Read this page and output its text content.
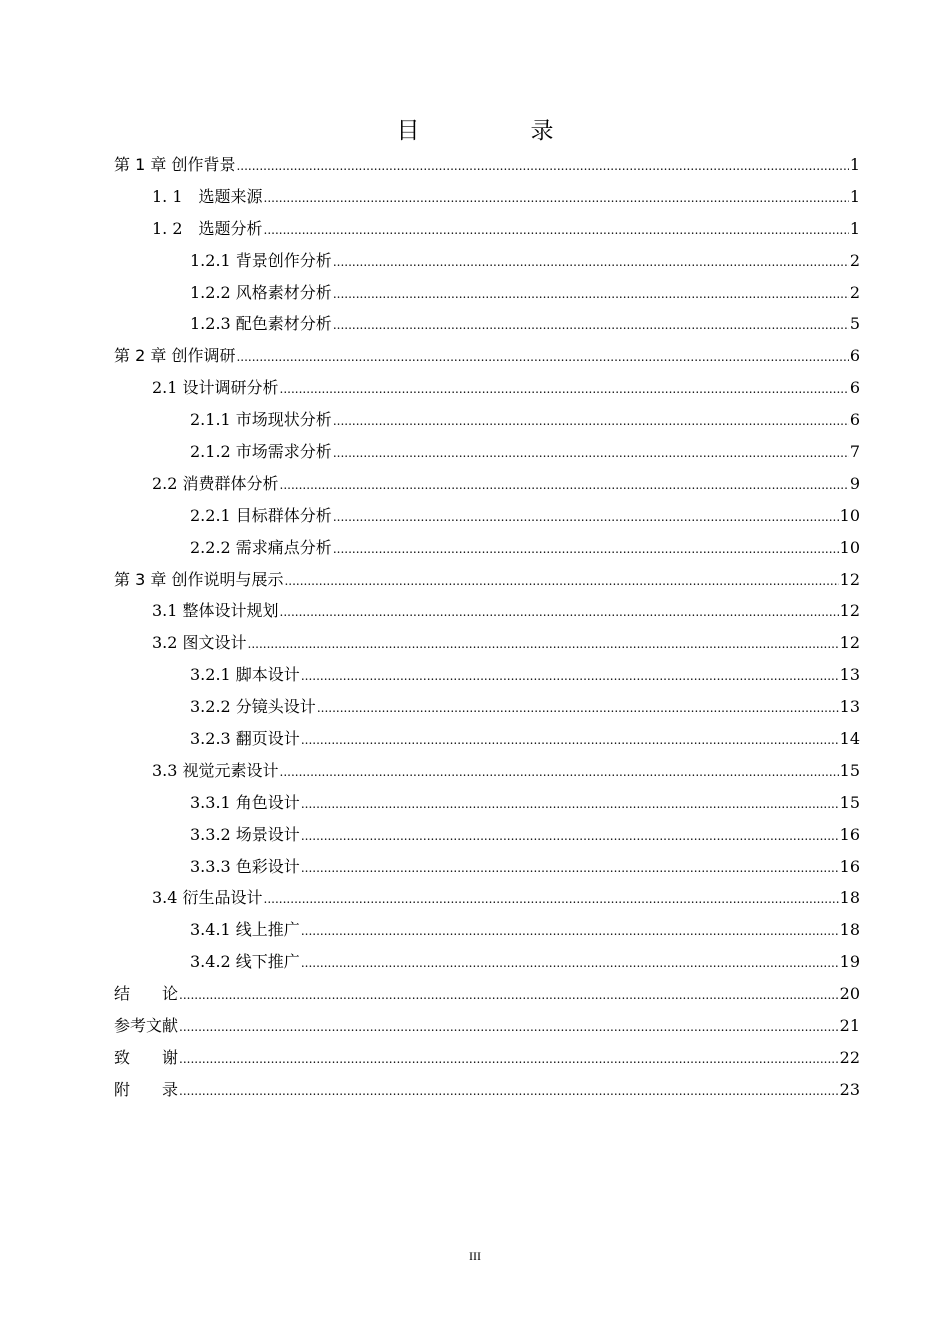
目　录
第 1 章 创作背景 .....	1
1. 1　选题来源 .....	1
1. 2　选题分析 .....	1
1.2.1 背景创作分析 .....	2
1.2.2 风格素材分析 .....	2
1.2.3 配色素材分析 .....	5
第 2 章 创作调研 .....	6
2.1 设计调研分析 .....	6
2.1.1 市场现状分析 .....	6
2.1.2 市场需求分析 .....	7
2.2 消费群体分析 .....	9
2.2.1 目标群体分析 .....	10
2.2.2 需求痛点分析 .....	10
第 3 章 创作说明与展示 .....	12
3.1 整体设计规划 .....	12
3.2 图文设计 .....	12
3.2.1 脚本设计 .....	13
3.2.2 分镜头设计 .....	13
3.2.3 翻页设计 .....	14
3.3 视觉元素设计 .....	15
3.3.1 角色设计 .....	15
3.3.2 场景设计 .....	16
3.3.3 色彩设计 .....	16
3.4 衍生品设计 .....	18
3.4.1 线上推广 .....	18
3.4.2 线下推广 .....	19
结　　论 .....	20
参考文献 .....	21
致　　谢 .....	22
附　　录 .....	23
III
